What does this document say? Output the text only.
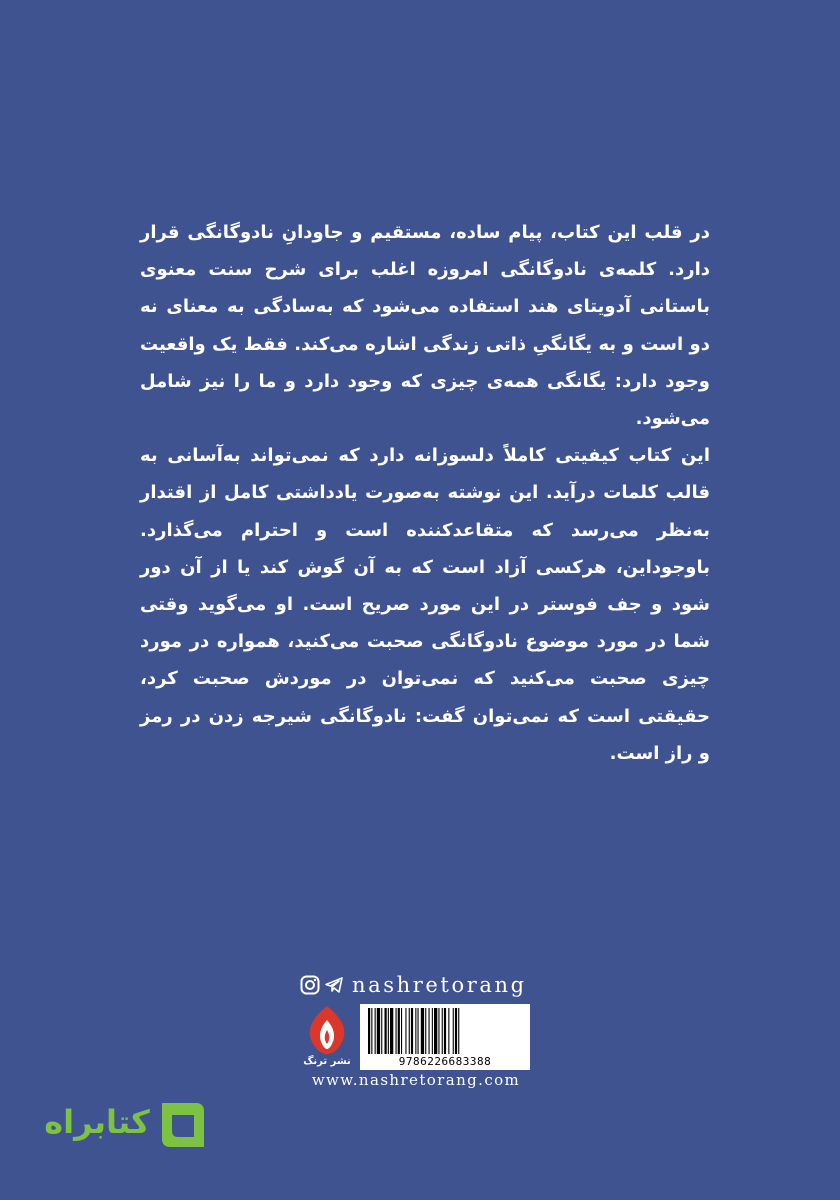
در قلب این کتاب، پیام ساده، مستقیم و جاودانِ نادوگانگی قرار دارد. کلمه‌ی نادوگانگی امروزه اغلب برای شرح سنت معنوی باستانی آدویتای هند استفاده می‌شود که به‌سادگی به معنای نه دو است و به یگانگیِ ذاتی زندگی اشاره می‌کند. فقط یک واقعیت وجود دارد: یگانگی همه‌ی چیزی که وجود دارد و ما را نیز شامل می‌شود.

این کتاب کیفیتی کاملاً دلسوزانه دارد که نمی‌تواند به‌آسانی به قالب کلمات درآید. این نوشته به‌صورت یادداشتی کامل از اقتدار به‌نظر می‌رسد که متقاعدکننده است و احترام می‌گذارد. باوجوداین، هرکسی آزاد است که به آن گوش کند یا از آن دور شود و جف فوستر در این مورد صریح است. او می‌گوید وقتی شما در مورد موضوع نادوگانگی صحبت می‌کنید، همواره در مورد چیزی صحبت می‌کنید که نمی‌توان در موردش صحبت کرد، حقیقتی است که نمی‌توان گفت: نادوگانگی شیرجه زدن در رمز و راز است.

nashretorang
نشر ترنگ	9786226683388
www.nashretorang.com
کتابراه
